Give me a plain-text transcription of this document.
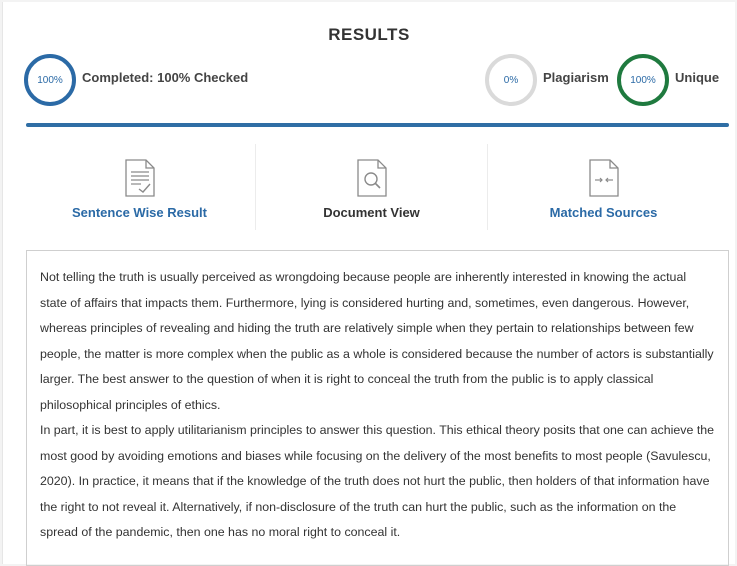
RESULTS
100% Completed: 100% Checked	0% Plagiarism 100% Unique
Sentence Wise Result	Document View	Matched Sources

Not telling the truth is usually perceived as wrongdoing because people are inherently interested in knowing the actual state of affairs that impacts them. Furthermore, lying is considered hurting and, sometimes, even dangerous. However, whereas principles of revealing and hiding the truth are relatively simple when they pertain to relationships between few people, the matter is more complex when the public as a whole is considered because the number of actors is substantially larger. The best answer to the question of when it is right to conceal the truth from the public is to apply classical philosophical principles of ethics.

In part, it is best to apply utilitarianism principles to answer this question. This ethical theory posits that one can achieve the most good by avoiding emotions and biases while focusing on the delivery of the most benefits to most people (Savulescu, 2020). In practice, it means that if the knowledge of the truth does not hurt the public, then holders of that information have the right to not reveal it. Alternatively, if non-disclosure of the truth can hurt the public, such as the information on the spread of the pandemic, then one has no moral right to conceal it.
